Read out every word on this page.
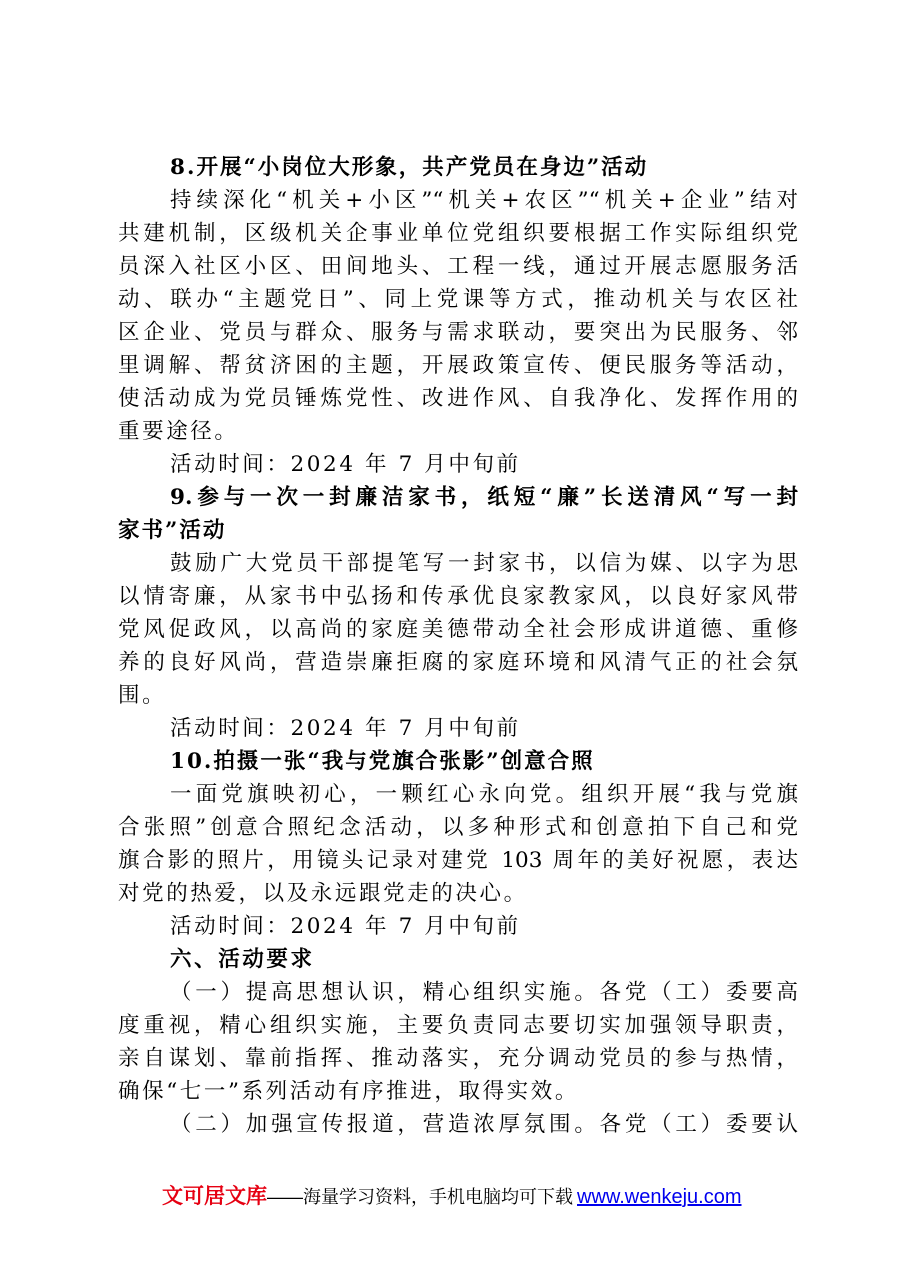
8.开展“小岗位大形象，共产党员在身边”活动
持续深化“机关+小区”“机关+农区”“机关+企业”结对
共建机制，区级机关企事业单位党组织要根据工作实际组织党
员深入社区小区、田间地头、工程一线，通过开展志愿服务活
动、联办“主题党日”、同上党课等方式，推动机关与农区社
区企业、党员与群众、服务与需求联动，要突出为民服务、邻
里调解、帮贫济困的主题，开展政策宣传、便民服务等活动，
使活动成为党员锤炼党性、改进作风、自我净化、发挥作用的
重要途径。
活动时间：2024 年 7 月中旬前
9.参与一次一封廉洁家书，纸短“廉”长送清风“写一封
家书”活动
鼓励广大党员干部提笔写一封家书，以信为媒、以字为思
以情寄廉，从家书中弘扬和传承优良家教家风，以良好家风带
党风促政风，以高尚的家庭美德带动全社会形成讲道德、重修
养的良好风尚，营造崇廉拒腐的家庭环境和风清气正的社会氛
围。
活动时间：2024 年 7 月中旬前
10.拍摄一张“我与党旗合张影”创意合照
一面党旗映初心，一颗红心永向党。组织开展“我与党旗
合张照”创意合照纪念活动，以多种形式和创意拍下自己和党
旗合影的照片，用镜头记录对建党 103 周年的美好祝愿，表达
对党的热爱，以及永远跟党走的决心。
活动时间：2024 年 7 月中旬前
六、活动要求
（一）提高思想认识，精心组织实施。各党（工）委要高
度重视，精心组织实施，主要负责同志要切实加强领导职责，
亲自谋划、靠前指挥、推动落实，充分调动党员的参与热情，
确保“七一”系列活动有序推进，取得实效。
（二）加强宣传报道，营造浓厚氛围。各党（工）委要认
文可居文库 —— 海量学习资料，手机电脑均可下载 www.wenkeju.com
